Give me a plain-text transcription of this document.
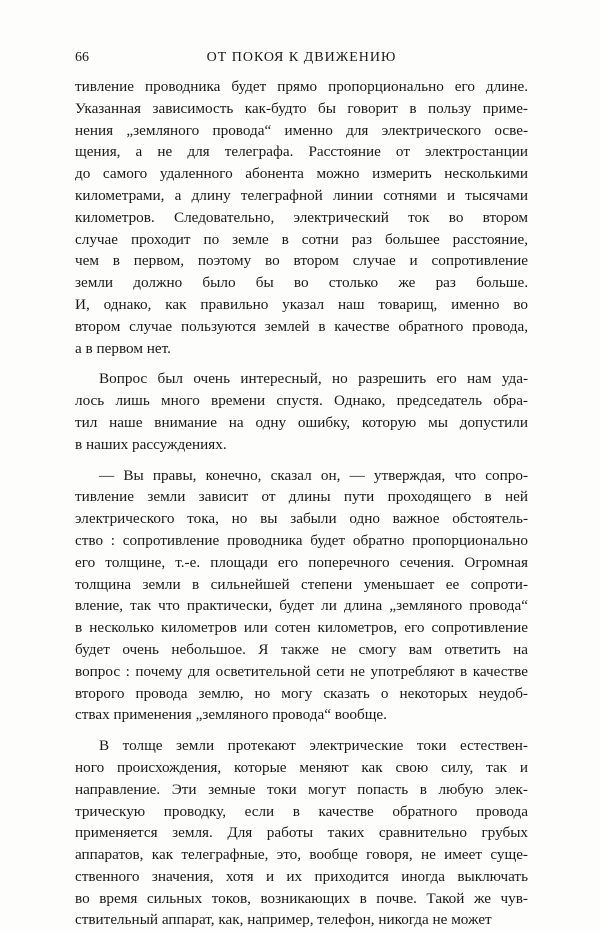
66	ОТ ПОКОЯ К ДВИЖЕНИЮ
тивление проводника будет прямо пропорционально его длине.
Указанная зависимость как-будто бы говорит в пользу приме-
нения „земляного провода“ именно для электрического осве-
щения, а не для телеграфа. Расстояние от электростанции
до самого удаленного абонента можно измерить несколькими
километрами, а длину телеграфной линии сотнями и тысячами
километров. Следовательно, электрический ток во втором
случае проходит по земле в сотни раз большее расстояние,
чем в первом, поэтому во втором случае и сопротивление
земли должно было бы во столько же раз больше.
И, однако, как правильно указал наш товарищ, именно во
втором случае пользуются землей в качестве обратного провода,
а в первом нет.
Вопрос был очень интересный, но разрешить его нам уда-
лось лишь много времени спустя. Однако, председатель обра-
тил наше внимание на одну ошибку, которую мы допустили
в наших рассуждениях.
— Вы правы, конечно, сказал он, — утверждая, что сопро-
тивление земли зависит от длины пути проходящего в ней
электрического тока, но вы забыли одно важное обстоятель-
ство : сопротивление проводника будет обратно пропорционально
его толщине, т.-е. площади его поперечного сечения. Огромная
толщина земли в сильнейшей степени уменьшает ее сопроти-
вление, так что практически, будет ли длина „земляного провода“
в несколько километров или сотен километров, его сопротивление
будет очень небольшое. Я также не смогу вам ответить на
вопрос : почему для осветительной сети не употребляют в качестве
второго провода землю, но могу сказать о некоторых неудоб-
ствах применения „земляного провода“ вообще.
В толще земли протекают электрические токи естествен-
ного происхождения, которые меняют как свою силу, так и
направление. Эти земные токи могут попасть в любую элек-
трическую проводку, если в качестве обратного провода
применяется земля. Для работы таких сравнительно грубых
аппаратов, как телеграфные, это, вообще говоря, не имеет суще-
ственного значения, хотя и их приходится иногда выключать
во время сильных токов, возникающих в почве. Такой же чув-
ствительный аппарат, как, например, телефон, никогда не может
